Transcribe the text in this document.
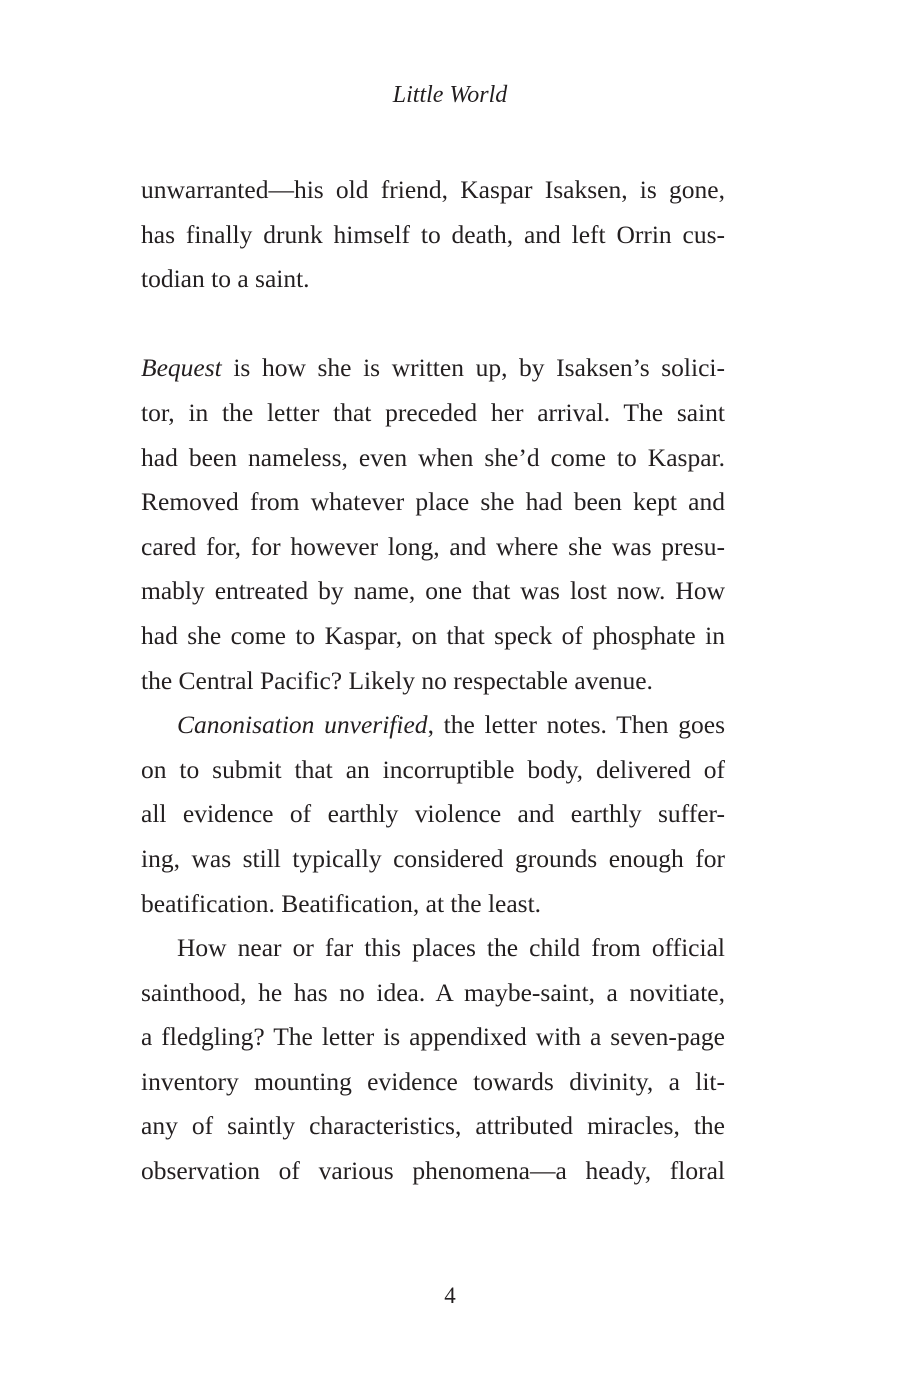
Little World
unwarranted—his old friend, Kaspar Isaksen, is gone,
has finally drunk himself to death, and left Orrin cus-
todian to a saint.
Bequest is how she is written up, by Isaksen’s solici-
tor, in the letter that preceded her arrival. The saint
had been nameless, even when she’d come to Kaspar.
Removed from whatever place she had been kept and
cared for, for however long, and where she was presu-
mably entreated by name, one that was lost now. How
had she come to Kaspar, on that speck of phosphate in
the Central Pacific? Likely no respectable avenue.
Canonisation unverified, the letter notes. Then goes
on to submit that an incorruptible body, delivered of
all evidence of earthly violence and earthly suffer-
ing, was still typically considered grounds enough for
beatification. Beatification, at the least.
How near or far this places the child from official
sainthood, he has no idea. A maybe-saint, a novitiate,
a fledgling? The letter is appendixed with a seven-page
inventory mounting evidence towards divinity, a lit-
any of saintly characteristics, attributed miracles, the
observation of various phenomena—a heady, floral
4
